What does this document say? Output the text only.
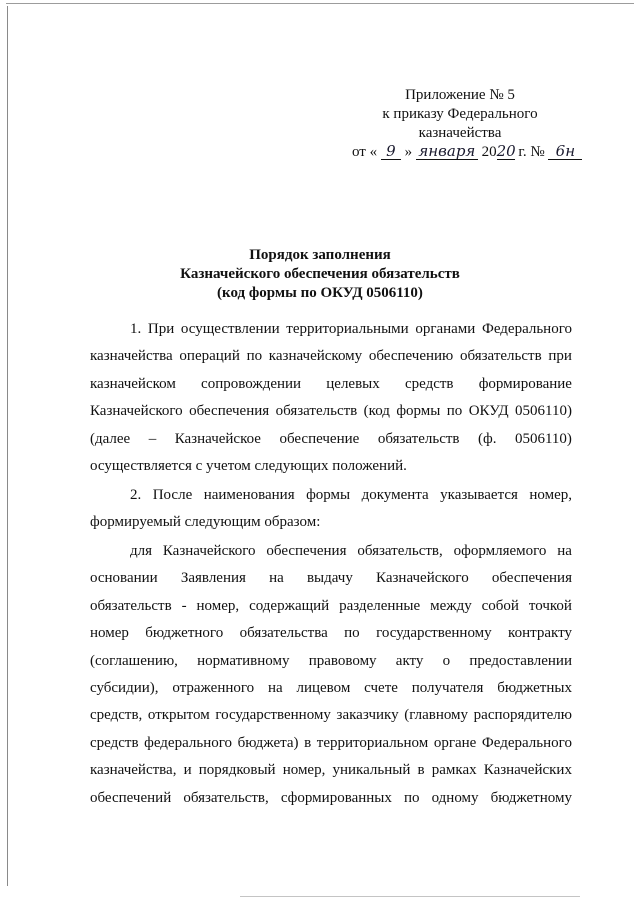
Приложение № 5
к приказу Федерального
казначейства
от « 9 » января 2020 г. № 6н
Порядок заполнения
Казначейского обеспечения обязательств
(код формы по ОКУД 0506110)
1. При осуществлении территориальными органами Федерального
казначейства операций по казначейскому обеспечению обязательств при
казначейском сопровождении целевых средств формирование
Казначейского обеспечения обязательств (код формы по ОКУД 0506110)
(далее – Казначейское обеспечение обязательств (ф. 0506110)
осуществляется с учетом следующих положений.
2. После наименования формы документа указывается номер,
формируемый следующим образом:
для Казначейского обеспечения обязательств, оформляемого на
основании Заявления на выдачу Казначейского обеспечения
обязательств - номер, содержащий разделенные между собой точкой
номер бюджетного обязательства по государственному контракту
(соглашению, нормативному правовому акту о предоставлении
субсидии), отраженного на лицевом счете получателя бюджетных
средств, открытом государственному заказчику (главному распорядителю
средств федерального бюджета) в территориальном органе Федерального
казначейства, и порядковый номер, уникальный в рамках Казначейских
обеспечений обязательств, сформированных по одному бюджетному
